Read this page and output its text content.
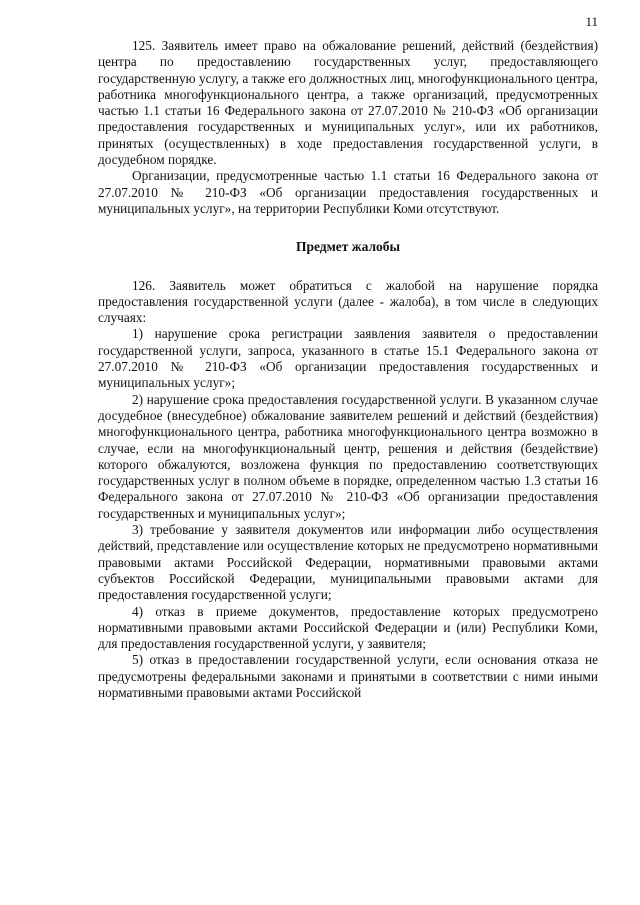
11

125. Заявитель имеет право на обжалование решений, действий (бездействия) центра по предоставлению государственных услуг, предоставляющего государственную услугу, а также его должностных лиц, многофункционального центра, работника многофункционального центра, а также организаций, предусмотренных частью 1.1 статьи 16 Федерального закона от 27.07.2010 № 210-ФЗ «Об организации предоставления государственных и муниципальных услуг», или их работников, принятых (осуществленных) в ходе предоставления государственной услуги, в досудебном порядке.

Организации, предусмотренные частью 1.1 статьи 16 Федерального закона от 27.07.2010 № 210-ФЗ «Об организации предоставления государственных и муниципальных услуг», на территории Республики Коми отсутствуют.

Предмет жалобы

126. Заявитель может обратиться с жалобой на нарушение порядка предоставления государственной услуги (далее - жалоба), в том числе в следующих случаях:

1) нарушение срока регистрации заявления заявителя о предоставлении государственной услуги, запроса, указанного в статье 15.1 Федерального закона от 27.07.2010 № 210-ФЗ «Об организации предоставления государственных и муниципальных услуг»;

2) нарушение срока предоставления государственной услуги. В указанном случае досудебное (внесудебное) обжалование заявителем решений и действий (бездействия) многофункционального центра, работника многофункционального центра возможно в случае, если на многофункциональный центр, решения и действия (бездействие) которого обжалуются, возложена функция по предоставлению соответствующих государственных услуг в полном объеме в порядке, определенном частью 1.3 статьи 16 Федерального закона от 27.07.2010 № 210-ФЗ «Об организации предоставления государственных и муниципальных услуг»;

3) требование у заявителя документов или информации либо осуществления действий, представление или осуществление которых не предусмотрено нормативными правовыми актами Российской Федерации, нормативными правовыми актами субъектов Российской Федерации, муниципальными правовыми актами для предоставления государственной услуги;

4) отказ в приеме документов, предоставление которых предусмотрено нормативными правовыми актами Российской Федерации и (или) Республики Коми, для предоставления государственной услуги, у заявителя;

5) отказ в предоставлении государственной услуги, если основания отказа не предусмотрены федеральными законами и принятыми в соответствии с ними иными нормативными правовыми актами Российской
